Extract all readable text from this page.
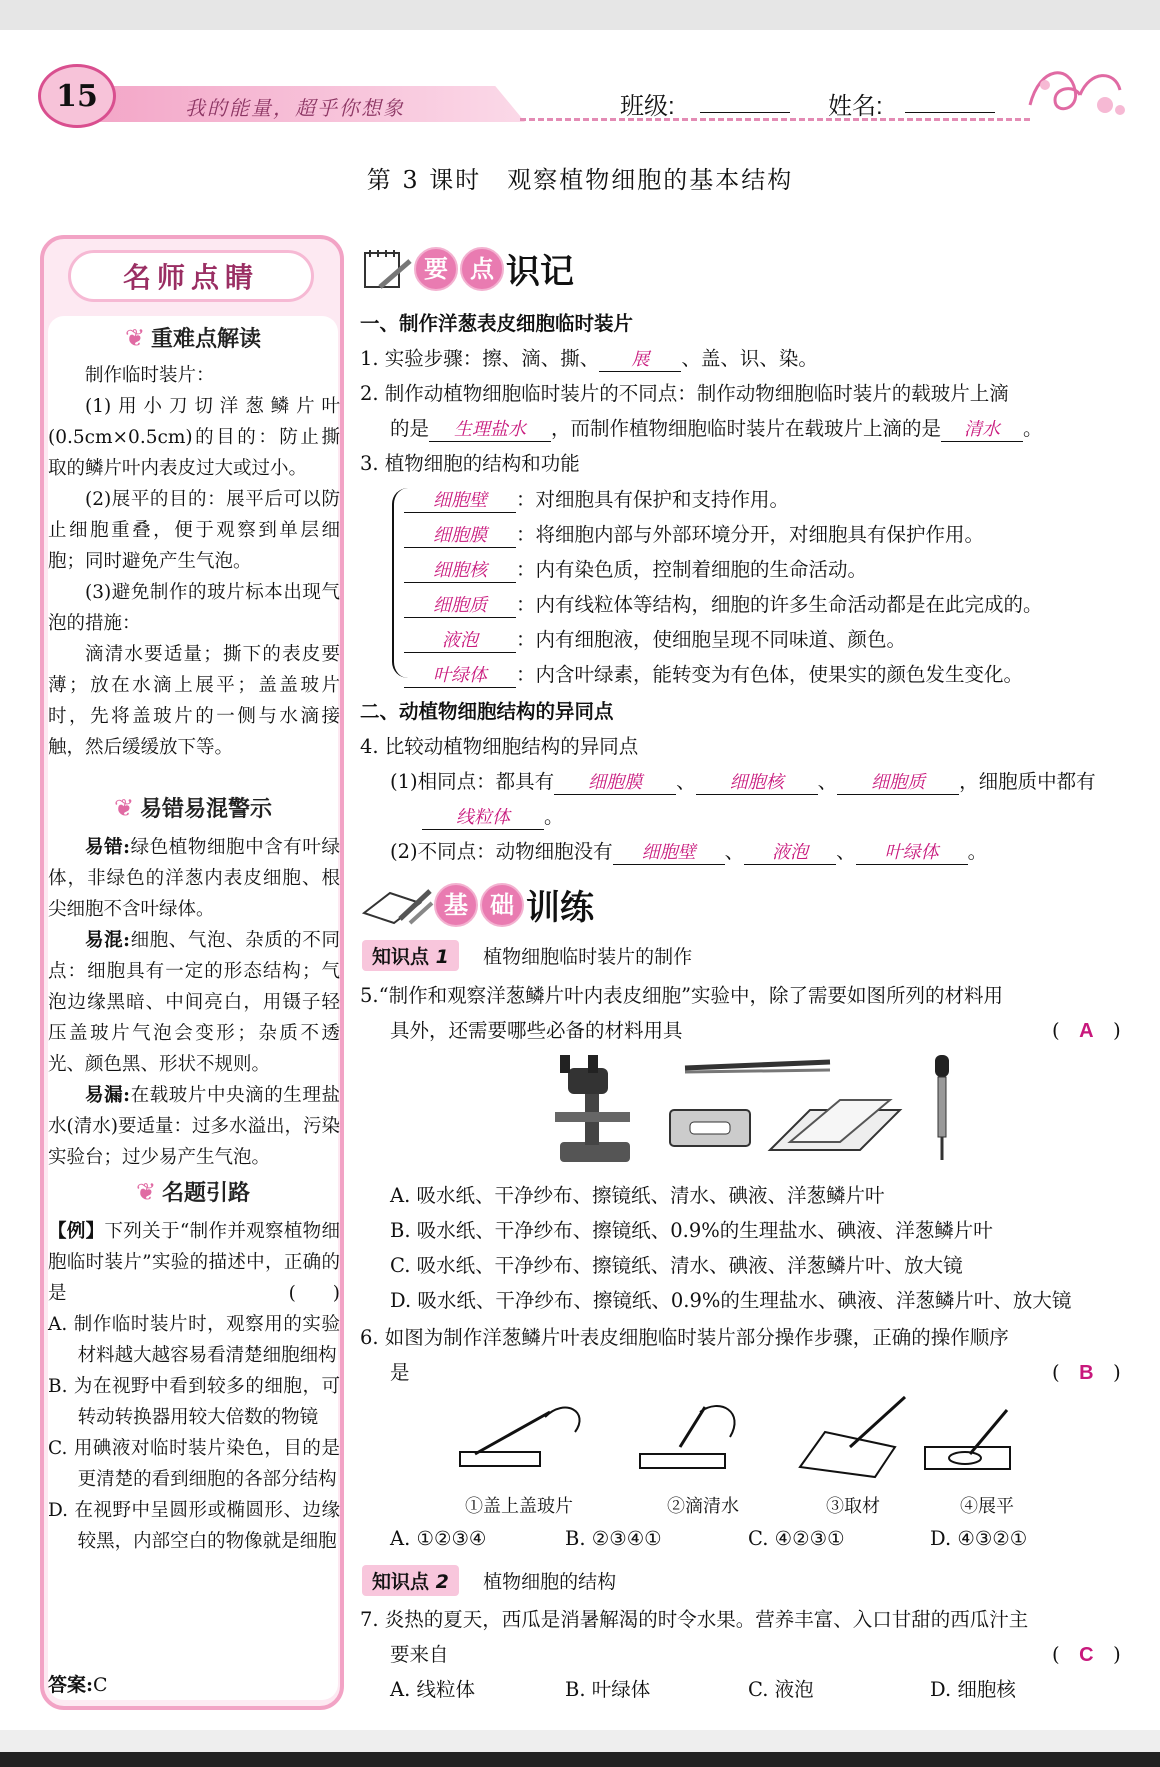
15	我的能量，超乎你想象	班级:	姓名:
第 3 课时　观察植物细胞的基本结构
名师点睛
❦ 重难点解读

制作临时装片：

(1)用小刀切洋葱鳞片叶(0.5cm×0.5cm)的目的：防止撕取的鳞片叶内表皮过大或过小。

(2)展平的目的：展平后可以防止细胞重叠，便于观察到单层细胞；同时避免产生气泡。

(3)避免制作的玻片标本出现气泡的措施：

滴清水要适量；撕下的表皮要薄；放在水滴上展平；盖盖玻片时，先将盖玻片的一侧与水滴接触，然后缓缓放下等。

❦ 易错易混警示

易错:绿色植物细胞中含有叶绿体，非绿色的洋葱内表皮细胞、根尖细胞不含叶绿体。

易混:细胞、气泡、杂质的不同点：细胞具有一定的形态结构；气泡边缘黑暗、中间亮白，用镊子轻压盖玻片气泡会变形；杂质不透光、颜色黑、形状不规则。

易漏:在载玻片中央滴的生理盐水(清水)要适量：过多水溢出，污染实验台；过少易产生气泡。

❦ 名题引路

【例】下列关于“制作并观察植物细胞临时装片”实验的描述中，正确的是	(　　)

A. 制作临时装片时，观察用的实验材料越大越容易看清楚细胞细构

B. 为在视野中看到较多的细胞，可转动转换器用较大倍数的物镜

C. 用碘液对临时装片染色，目的是更清楚的看到细胞的各部分结构

D. 在视野中呈圆形或椭圆形、边缘较黑，内部空白的物像就是细胞

答案:C
要 点 识记
一、制作洋葱表皮细胞临时装片
1. 实验步骤：擦、滴、撕、 展 、盖、识、染。
2. 制作动植物细胞临时装片的不同点：制作动物细胞临时装片的载玻片上滴
的是 生理盐水 ，而制作植物细胞临时装片在载玻片上滴的是 清水 。
3. 植物细胞的结构和功能
细胞壁 ：对细胞具有保护和支持作用。
细胞膜 ：将细胞内部与外部环境分开，对细胞具有保护作用。
细胞核 ：内有染色质，控制着细胞的生命活动。
细胞质 ：内有线粒体等结构，细胞的许多生命活动都是在此完成的。
液泡 ：内有细胞液，使细胞呈现不同味道、颜色。
叶绿体 ：内含叶绿素，能转变为有色体，使果实的颜色发生变化。
二、动植物细胞结构的异同点
4. 比较动植物细胞结构的异同点
(1)相同点：都具有 细胞膜 、 细胞核 、 细胞质 ，细胞质中都有
线粒体 。
(2)不同点：动物细胞没有 细胞壁 、 液泡 、 叶绿体 。
基 础 训练
知识点 1 植物细胞临时装片的制作
5.“制作和观察洋葱鳞片叶内表皮细胞”实验中，除了需要如图所列的材料用
具外，还需要哪些必备的材料用具	(　 A　 )
A. 吸水纸、干净纱布、擦镜纸、清水、碘液、洋葱鳞片叶
B. 吸水纸、干净纱布、擦镜纸、0.9%的生理盐水、碘液、洋葱鳞片叶
C. 吸水纸、干净纱布、擦镜纸、清水、碘液、洋葱鳞片叶、放大镜
D. 吸水纸、干净纱布、擦镜纸、0.9%的生理盐水、碘液、洋葱鳞片叶、放大镜
6. 如图为制作洋葱鳞片叶表皮细胞临时装片部分操作步骤，正确的操作顺序
是	(　 B　 )
①盖上盖玻片	②滴清水	③取材	④展平
A. ①②③④	B. ②③④①	C. ④②③①	D. ④③②①
知识点 2 植物细胞的结构
7. 炎热的夏天，西瓜是消暑解渴的时令水果。营养丰富、入口甘甜的西瓜汁主
要来自	(　 C　 )
A. 线粒体	B. 叶绿体	C. 液泡	D. 细胞核
